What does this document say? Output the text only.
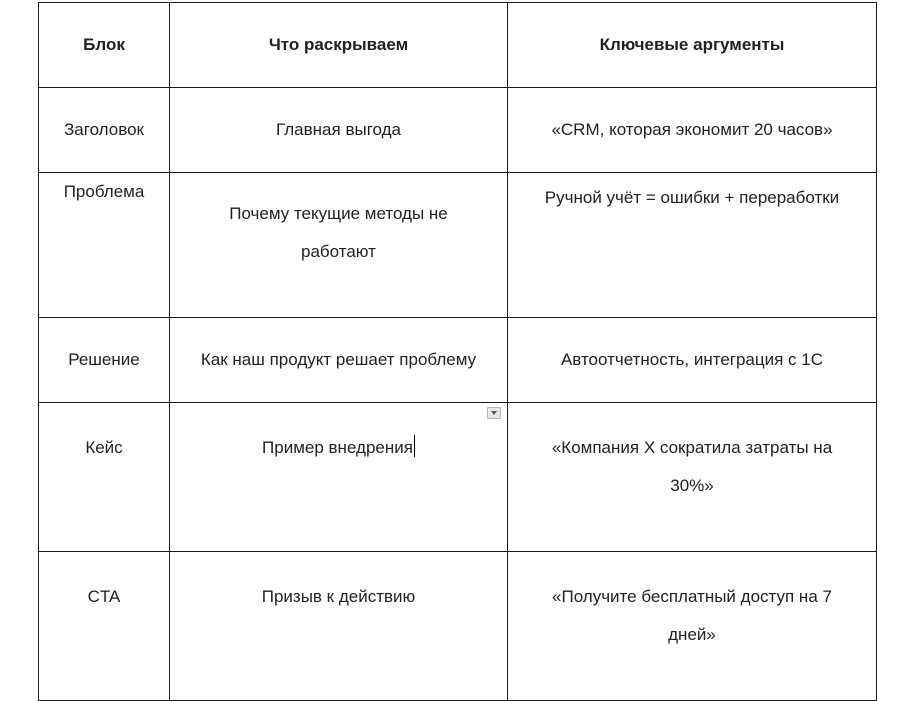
Блок	Что раскрываем	Ключевые аргументы
Заголовок	Главная выгода	«CRM, которая экономит 20 часов»
Проблема	Почему текущие методы не работают	Ручной учёт = ошибки + переработки
Решение	Как наш продукт решает проблему	Автоотчетность, интеграция с 1С
Кейс	Пример внедрения	«Компания X сократила затраты на 30%»
CTA	Призыв к действию	«Получите бесплатный доступ на 7 дней»
